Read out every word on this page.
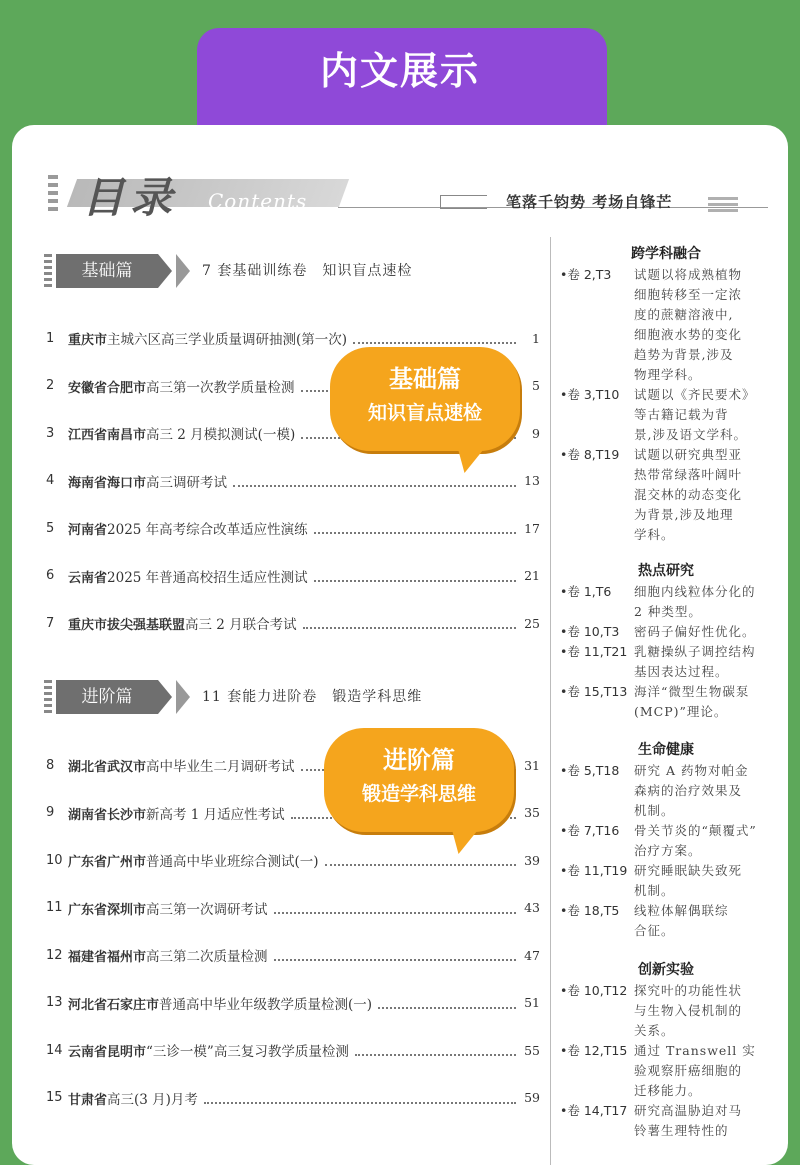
内文展示
目录 Contents	笔落千钧势 考场自锋芒
基础篇	7 套基础训练卷　知识盲点速检
1	重庆市主城六区高三学业质量调研抽测(第一次)	1
2	安徽省合肥市高三第一次教学质量检测	5
3	江西省南昌市高三 2 月模拟测试(一模)	9
4	海南省海口市高三调研考试	13
5	河南省2025 年高考综合改革适应性演练	17
6	云南省2025 年普通高校招生适应性测试	21
7	重庆市拔尖强基联盟高三 2 月联合考试	25
进阶篇	11 套能力进阶卷　锻造学科思维
8	湖北省武汉市高中毕业生二月调研考试	31
9	湖南省长沙市新高考 1 月适应性考试	35
10 广东省广州市普通高中毕业班综合测试(一)	39
11 广东省深圳市高三第一次调研考试	43
12 福建省福州市高三第二次质量检测	47
13 河北省石家庄市普通高中毕业年级教学质量检测(一)	51
14 云南省昆明市“三诊一模”高三复习教学质量检测	55
15 甘肃省高三(3 月)月考	59
基础篇
知识盲点速检
进阶篇
锻造学科思维
跨学科融合
•卷 2,T3	试题以将成熟植物
细胞转移至一定浓
度的蔗糖溶液中,
细胞液水势的变化
趋势为背景,涉及
物理学科。
•卷 3,T10	试题以《齐民要术》
等古籍记载为背
景,涉及语文学科。
•卷 8,T19	试题以研究典型亚
热带常绿落叶阔叶
混交林的动态变化
为背景,涉及地理
学科。
热点研究
•卷 1,T6	细胞内线粒体分化的
2 种类型。
•卷 10,T3	密码子偏好性优化。
•卷 11,T21 乳糖操纵子调控结构
基因表达过程。
•卷 15,T13 海洋“微型生物碳泵
(MCP)”理论。
生命健康
•卷 5,T18	研究 A 药物对帕金
森病的治疗效果及
机制。
•卷 7,T16	骨关节炎的“颠覆式”
治疗方案。
•卷 11,T19 研究睡眠缺失致死
机制。
•卷 18,T5	线粒体解偶联综
合征。
创新实验
•卷 10,T12 探究叶的功能性状
与生物入侵机制的
关系。
•卷 12,T15 通过 Transwell 实
验观察肝癌细胞的
迁移能力。
•卷 14,T17 研究高温胁迫对马
铃薯生理特性的
